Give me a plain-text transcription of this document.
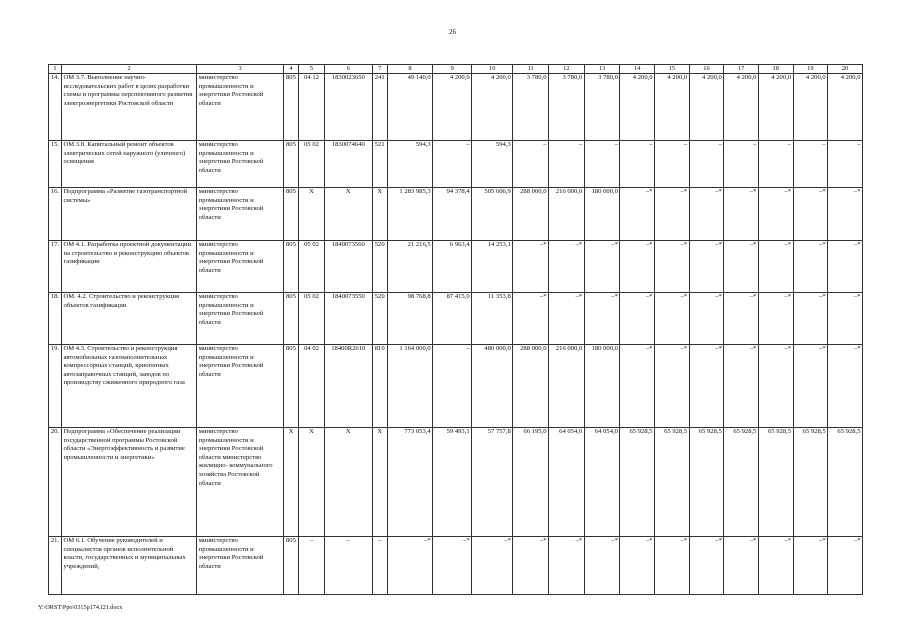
26
1	2	3	4	5	6	7	8	9	10	11	12	13	14	15	16	17	18	19	20
14.	ОМ 3.7. Выполнение научно- исследовательских работ в целях разработки схемы и программы перспективного развития электроэнергетики Ростовской области	министерство промышленности и энергетики Ростовской области	805	04 12	1830023650	241	49 140,0	4 200,0	4 200,0	3 780,0	3 780,0	3 780,0	4 200,0	4 200,0	4 200,0	4 200,0	4 200,0	4 200,0	4 200,0
15.	ОМ 3.8. Капитальный ремонт объектов электрических сетей наружного (уличного) освещения	министерство промышленности и энергетики Ростовской области	805	05 02	1830074640	521	594,3	–	594,3	–	–	–	–	–	–	–	–	–	–
16.	Подпрограмма «Развитие газотранспортной системы»	министерство промышленности и энергетики Ростовской области	805	X	X	X	1 283 985,3	94 378,4	505 606,9	288 000,0	216 000,0	180 000,0	–*	–*	–*	–*	–*	–*	–*
17.	ОМ 4.1. Разработка проектной документации на строительство и реконструкцию объектов газификации	министерство промышленности и энергетики Ростовской области	805	05 02	1840073560	520	21 216,5	6 963,4	14 253,1	–*	–*	–*	–*	–*	–*	–*	–*	–*	–*
18.	ОМ. 4.2. Строительство и реконструкция объектов газификации	министерство промышленности и энергетики Ростовской области	805	05 02	1840073550	520	98 768,8	87 415,0	11 353,8	–*	–*	–*	–*	–*	–*	–*	–*	–*	–*
19.	ОМ 4.3. Строительство и реконструкция автомобильных газонаполнительных компрессорных станций, криогенных автозаправочных станций, заводов по производству сжиженного природного газа	министерство промышленности и энергетики Ростовской области	805	04 02	18400R2610	810	1 164 000,0	–	480 000,0	288 000,0	216 000,0	180 000,0	–*	–*	–*	–*	–*	–*	–*
20.	Подпрограмма «Обеспечение реализации государственной программы Ростовской области «Энергоэффективность и развитие промышленности и энергетики»	министерство промышленности и энергетики Ростовской области министерство жилищно- коммунального хозяйства Ростовской области	X	X	X	X	773 053,4	59 493,1	57 757,8	66 195,0	64 054,0	64 054,0	65 928,5	65 928,5	65 928,5	65 928,5	65 928,5	65 928,5	65 928,5
21.	ОМ 6.1. Обучение руководителей и специалистов органов исполнительной власти, государственных и муниципальных учреждений,	министерство промышленности и энергетики Ростовской области	805	–	–	–	–*	–*	–*	–*	–*	–*	–*	–*	–*	–*	–*	–*	–*
Y:\ORST\Ppo\0315p174.f21.docx
